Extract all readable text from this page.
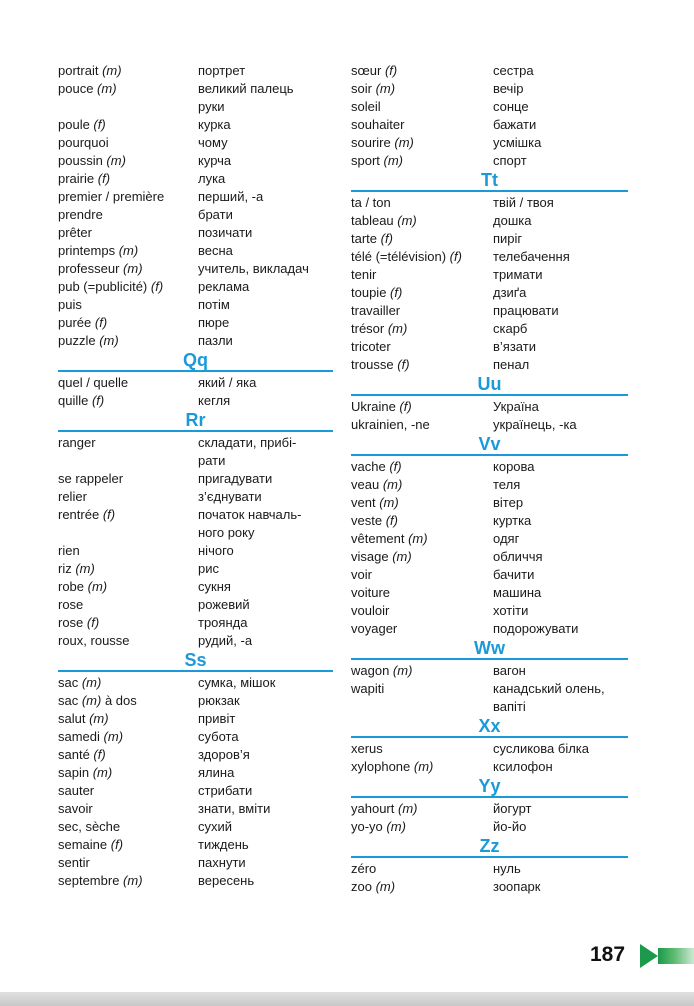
portrait (m)	портрет
pouce (m)	великий палець
руки
poule (f)	курка
pourquoi	чому
poussin (m)	курча
prairie (f)	лука
premier / première	перший, -а
prendre	брати
prêter	позичати
printemps (m)	весна
professeur (m)	учитель, викладач
pub (=publicité) (f)	реклама
puis	потім
purée (f)	пюре
puzzle (m)	пазли
Qq
quel / quelle	який / яка
quille (f)	кегля
Rr
ranger	складати, прибі-
рати
se rappeler	пригадувати
relier	з’єднувати
rentrée (f)	початок навчаль-
ного року
rien	нічого
riz (m)	рис
robe (m)	сукня
rose	рожевий
rose (f)	троянда
roux, rousse	рудий, -а
Ss
sac (m)	сумка, мішок
sac (m) à dos	рюкзак
salut (m)	привіт
samedi (m)	субота
santé (f)	здоров’я
sapin (m)	ялина
sauter	стрибати
savoir	знати, вміти
sec, sèche	сухий
semaine (f)	тиждень
sentir	пахнути
septembre (m)	вересень
sœur (f)	сестра
soir (m)	вечір
soleil	сонце
souhaiter	бажати
sourire (m)	усмішка
sport (m)	спорт
Tt
ta / ton	твій / твоя
tableau (m)	дошка
tarte (f)	пиріг
télé (=télévision) (f)	телебачення
tenir	тримати
toupie (f)	дзиґа
travailler	працювати
trésor (m)	скарб
tricoter	в’язати
trousse (f)	пенал
Uu
Ukraine (f)	Україна
ukrainien, -ne	українець, -ка
Vv
vache (f)	корова
veau (m)	теля
vent (m)	вітер
veste (f)	куртка
vêtement (m)	одяг
visage (m)	обличчя
voir	бачити
voiture	машина
vouloir	хотіти
voyager	подорожувати
Ww
wagon (m)	вагон
wapiti	канадський олень,
вапіті
Xx
xerus	сусликова білка
xylophone (m)	ксилофон
Yy
yahourt (m)	йогурт
yo-yo (m)	йо-йо
Zz
zéro	нуль
zoo (m)	зоопарк
187
